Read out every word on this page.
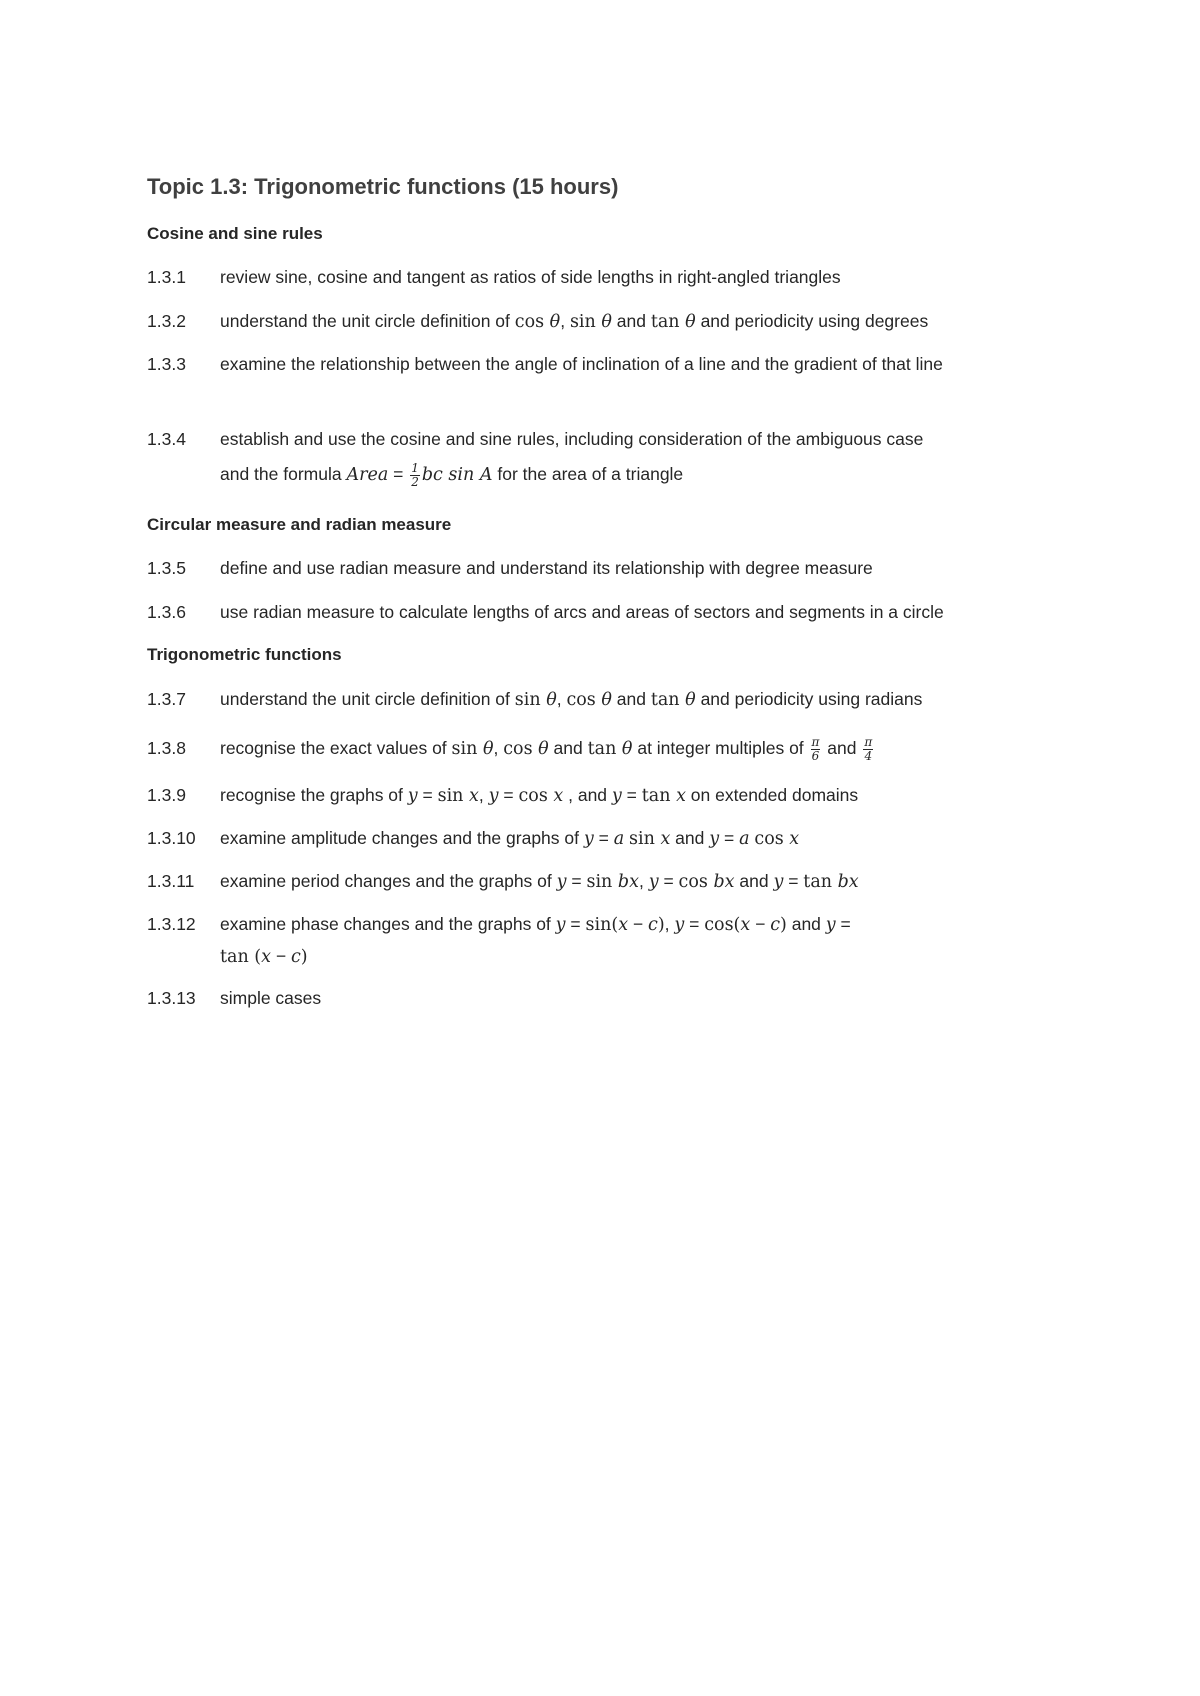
Topic 1.3: Trigonometric functions (15 hours)
Cosine and sine rules
1.3.1	review sine, cosine and tangent as ratios of side lengths in right-angled triangles
1.3.2	understand the unit circle definition of cos θ, sin θ and tan θ and periodicity using degrees
1.3.3	examine the relationship between the angle of inclination of a line and the gradient of that line
1.3.4	establish and use the cosine and sine rules, including consideration of the ambiguous case
and the formula Area = $\frac{1}{2}$ bc sin A for the area of a triangle
Circular measure and radian measure
1.3.5	define and use radian measure and understand its relationship with degree measure
1.3.6	use radian measure to calculate lengths of arcs and areas of sectors and segments in a circle
Trigonometric functions
1.3.7	understand the unit circle definition of sin θ, cos θ and tan θ and periodicity using radians
1.3.8	recognise the exact values of sin θ, cos θ and tan θ at integer multiples of $\frac{\pi}{6}$ and $\frac{\pi}{4}$
1.3.9	recognise the graphs of y = sin x, y = cos x , and y = tan x on extended domains
1.3.10	examine amplitude changes and the graphs of y = a sin x and y = a cos x
1.3.11	examine period changes and the graphs of y = sin bx, y = cos bx and y = tan bx
1.3.12	examine phase changes and the graphs of y = sin(x − c), y = cos(x − c) and y =
tan (x − c)
1.3.13	simple cases
